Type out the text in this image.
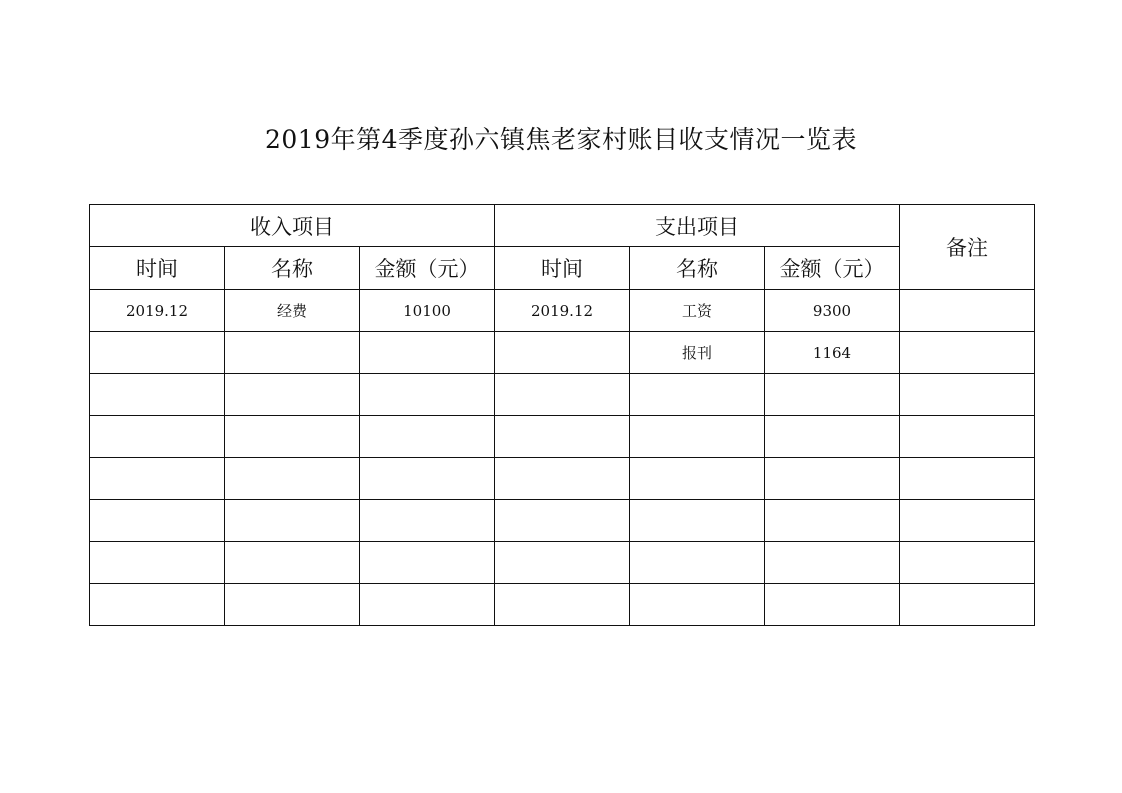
2019年第4季度孙六镇焦老家村账目收支情况一览表
收入项目			支出项目			备注
时间	名称	金额（元）	时间	名称	金额（元）	
2019.12	经费	10100	2019.12	工资	9300	
				报刊	1164	
